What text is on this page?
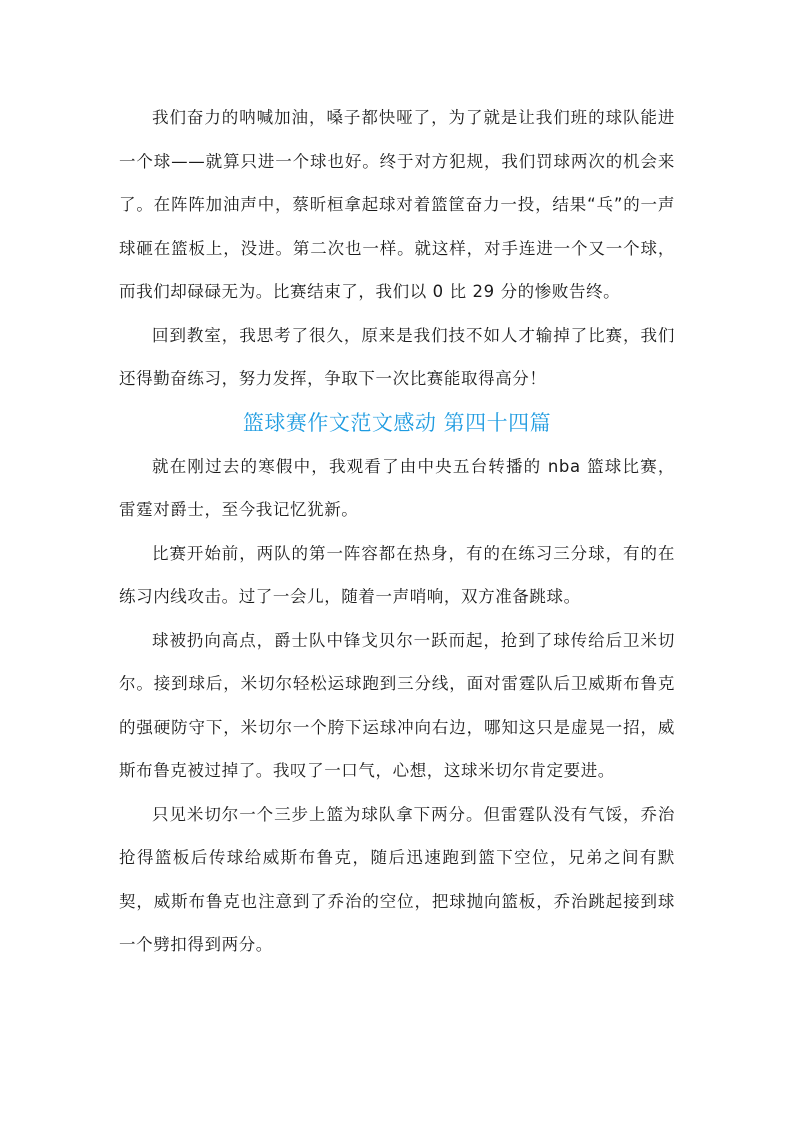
我们奋力的呐喊加油，嗓子都快哑了，为了就是让我们班的球队能进一个球——就算只进一个球也好。终于对方犯规，我们罚球两次的机会来了。在阵阵加油声中，蔡昕桓拿起球对着篮筐奋力一投，结果“乓”的一声球砸在篮板上，没进。第二次也一样。就这样，对手连进一个又一个球，而我们却碌碌无为。比赛结束了，我们以 0 比 29 分的惨败告终。

回到教室，我思考了很久，原来是我们技不如人才输掉了比赛，我们还得勤奋练习，努力发挥，争取下一次比赛能取得高分！

篮球赛作文范文感动 第四十四篇

就在刚过去的寒假中，我观看了由中央五台转播的 nba 篮球比赛，雷霆对爵士，至今我记忆犹新。

比赛开始前，两队的第一阵容都在热身，有的在练习三分球，有的在练习内线攻击。过了一会儿，随着一声哨响，双方准备跳球。

球被扔向高点，爵士队中锋戈贝尔一跃而起，抢到了球传给后卫米切尔。接到球后，米切尔轻松运球跑到三分线，面对雷霆队后卫威斯布鲁克的强硬防守下，米切尔一个胯下运球冲向右边，哪知这只是虚晃一招，威斯布鲁克被过掉了。我叹了一口气，心想，这球米切尔肯定要进。

只见米切尔一个三步上篮为球队拿下两分。但雷霆队没有气馁，乔治抢得篮板后传球给威斯布鲁克，随后迅速跑到篮下空位，兄弟之间有默契，威斯布鲁克也注意到了乔治的空位，把球抛向篮板，乔治跳起接到球一个劈扣得到两分。
